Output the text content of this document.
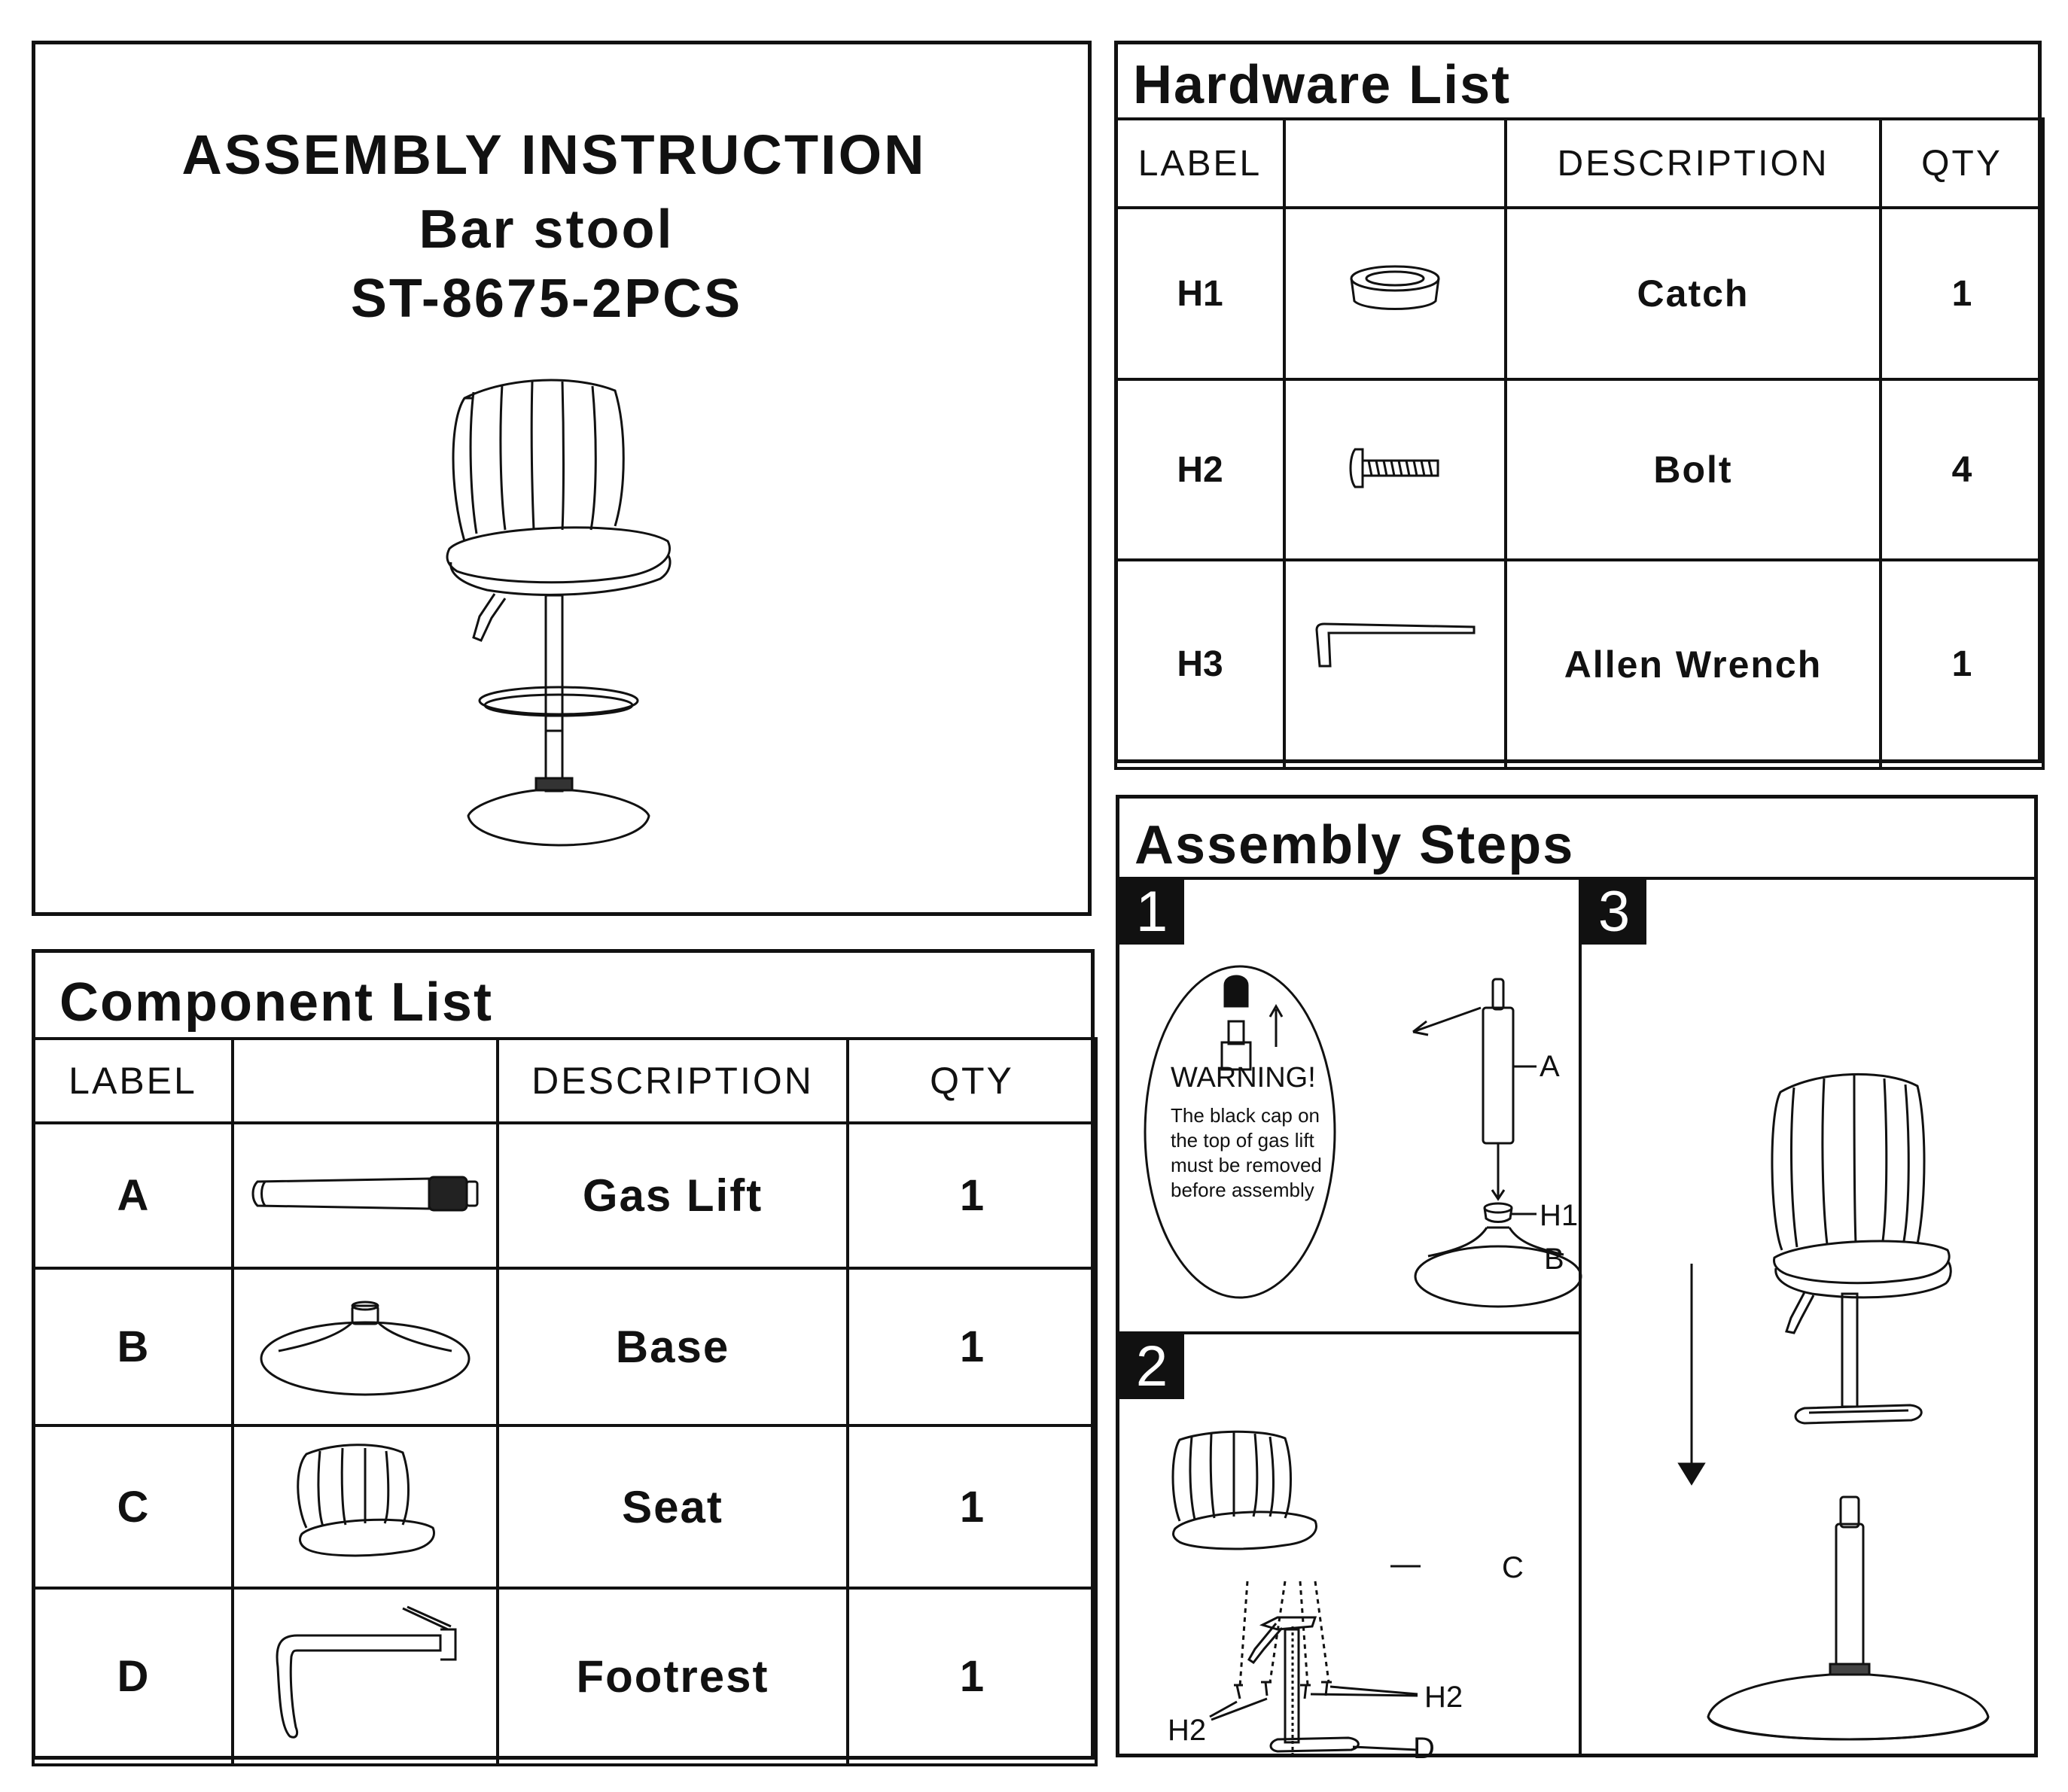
ASSEMBLY INSTRUCTION
Bar stool
ST-8675-2PCS
Hardware List
LABEL		DESCRIPTION	QTY
H1		Catch	1
H2		Bolt	4
H3		Allen Wrench	1
Component List
LABEL		DESCRIPTION	QTY
A		Gas Lift	1
B		Base	1
C		Seat	1
D		Footrest	1
Assembly Steps
1
WARNING!
The black cap on
the top of gas lift
must be removed
before assembly
A
H1
B
2
C
H2
H2
D
3
